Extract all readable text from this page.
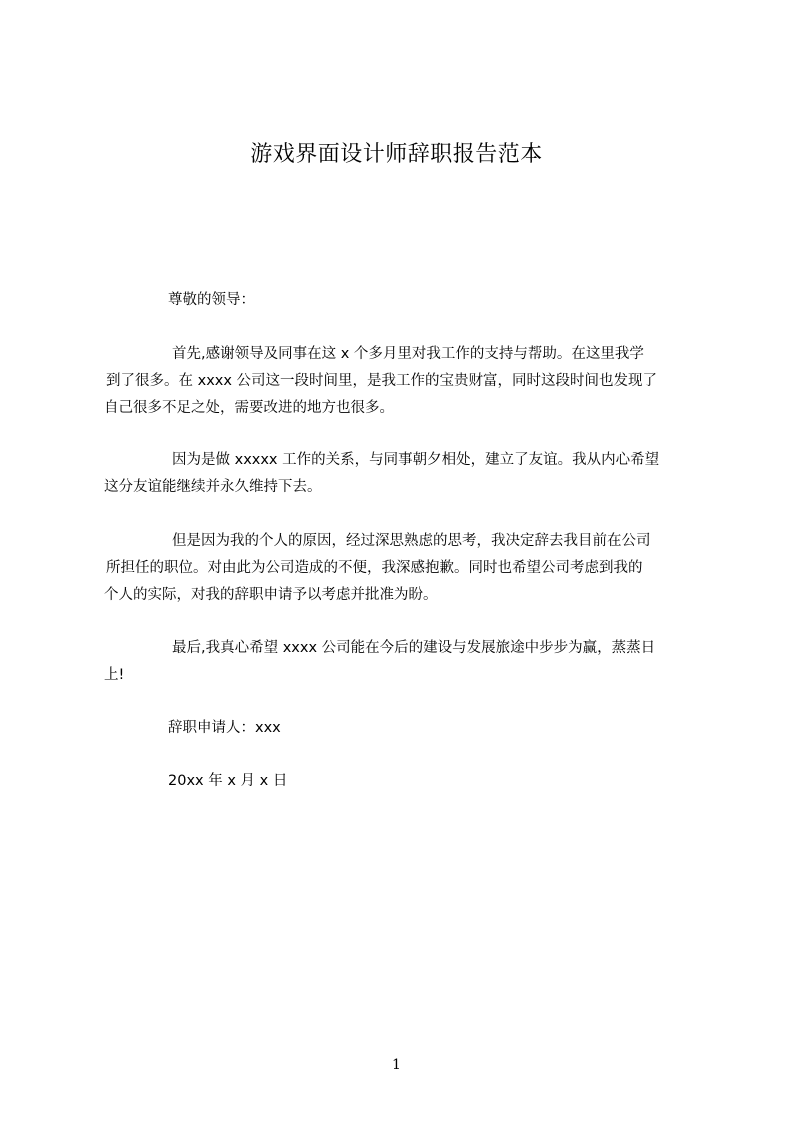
游戏界面设计师辞职报告范本
尊敬的领导：
首先,感谢领导及同事在这 x 个多月里对我工作的支持与帮助。在这里我学
到了很多。在 xxxx 公司这一段时间里，是我工作的宝贵财富，同时这段时间也发现了
自己很多不足之处，需要改进的地方也很多。
因为是做 xxxxx 工作的关系，与同事朝夕相处，建立了友谊。我从内心希望
这分友谊能继续并永久维持下去。
但是因为我的个人的原因，经过深思熟虑的思考，我决定辞去我目前在公司
所担任的职位。对由此为公司造成的不便，我深感抱歉。同时也希望公司考虑到我的
个人的实际，对我的辞职申请予以考虑并批准为盼。
最后,我真心希望 xxxx 公司能在今后的建设与发展旅途中步步为赢，蒸蒸日
上!
辞职申请人：xxx
20xx 年 x 月 x 日
1
